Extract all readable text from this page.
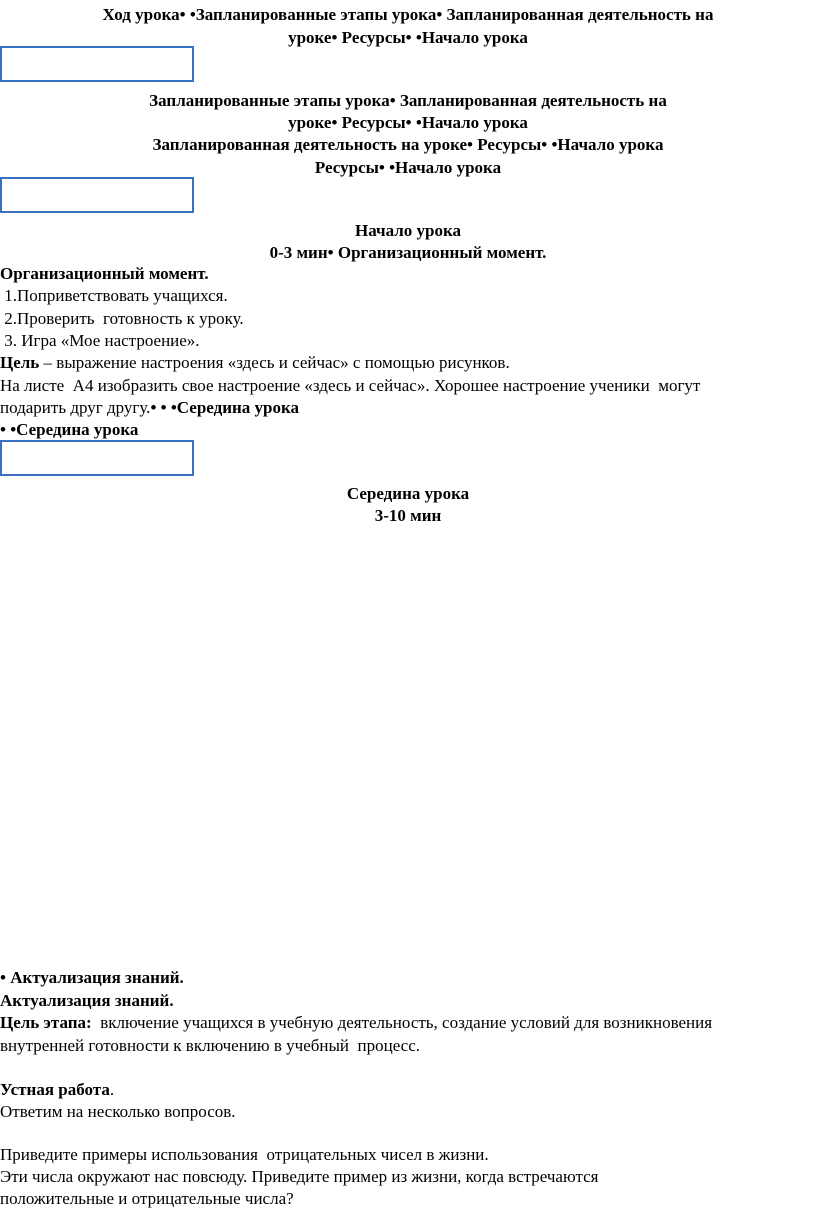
Ход урока• •Запланированные этапы урока• Запланированная деятельность на
уроке• Ресурсы• •Начало урока
Запланированные этапы урока• Запланированная деятельность на
уроке• Ресурсы• •Начало урока
Запланированная деятельность на уроке• Ресурсы• •Начало урока
Ресурсы• •Начало урока
Начало урока
0-3 мин• Организационный момент.
Организационный момент.
1.Поприветствовать учащихся.
2.Проверить  готовность к уроку.
3. Игра «Мое настроение».
Цель – выражение настроения «здесь и сейчас» с помощью рисунков.
На листе  А4 изобразить свое настроение «здесь и сейчас». Хорошее настроение ученики  могут
подарить друг другу.• • •Середина урока
• •Середина урока
Середина урока
3-10 мин
• Актуализация знаний.
Актуализация знаний.
Цель этапа:  включение учащихся в учебную деятельность, создание условий для возникновения
внутренней готовности к включению в учебный  процесс.
Устная работа.
Ответим на несколько вопросов.
Приведите примеры использования  отрицательных чисел в жизни.
Эти числа окружают нас повсюду. Приведите пример из жизни, когда встречаются
положительные и отрицательные числа?
